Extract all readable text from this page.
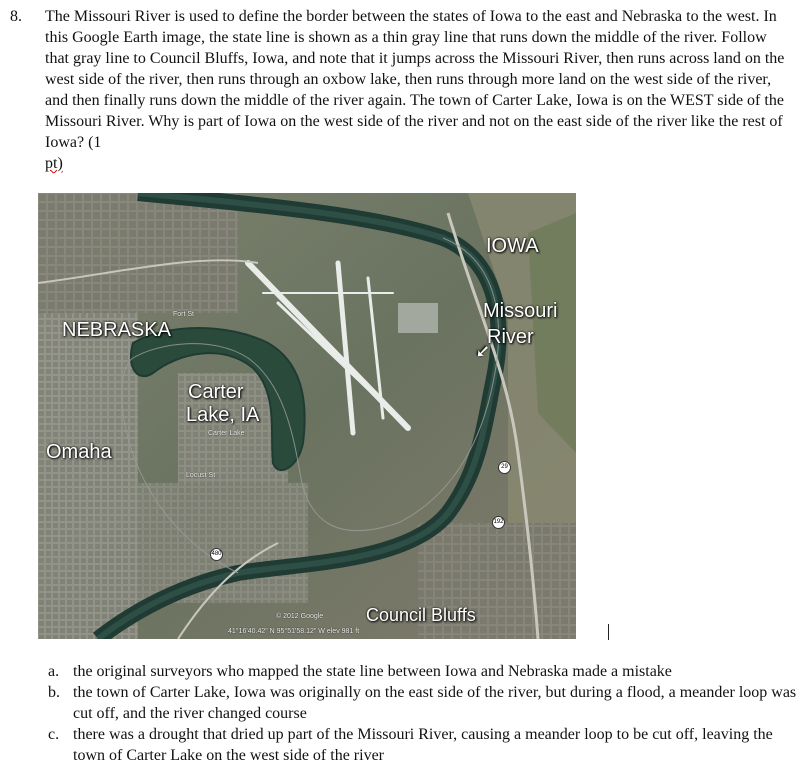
8. The Missouri River is used to define the border between the states of Iowa to the east and Nebraska to the west. In this Google Earth image, the state line is shown as a thin gray line that runs down the middle of the river. Follow that gray line to Council Bluffs, Iowa, and note that it jumps across the Missouri River, then runs across land on the west side of the river, then runs through an oxbow lake, then runs through more land on the west side of the river, and then finally runs down the middle of the river again. The town of Carter Lake, Iowa is on the WEST side of the Missouri River. Why is part of Iowa on the west side of the river and not on the east side of the river like the rest of Iowa? (1
pt)

IOWA
Missouri
River
➚
NEBRASKA
Carter
Lake, IA
Omaha
Council Bluffs
Carter Lake
Fort St
Locust St
41°16'40.42" N 95°51'58.12" W elev 981 ft
© 2012 Google
29
480
192
a. the original surveyors who mapped the state line between Iowa and Nebraska made a mistake
b. the town of Carter Lake, Iowa was originally on the east side of the river, but during a flood, a meander loop was cut off, and the river changed course
c. there was a drought that dried up part of the Missouri River, causing a meander loop to be cut off, leaving the town of Carter Lake on the west side of the river
